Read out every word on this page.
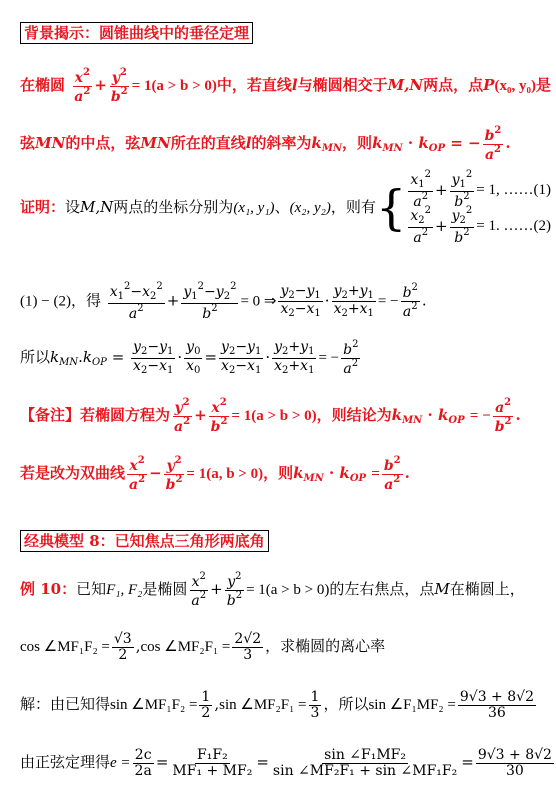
背景揭示：圆锥曲线中的垂径定理
在椭圆 $\frac{x^2}{a^2} + \frac{y^2}{b^2} = 1(a > b > 0)$中，若直线l与椭圆相交于M,N两点，点P(x₀, y₀)是
弦MN的中点，弦MN所在的直线l的斜率为$k_{MN}$，则$k_{MN} \cdot k_{OP}$ = − $\frac{b^2}{a^2}$ .
证明：设M,N两点的坐标分别为(x₁, y₁)、(x₂, y₂)，则有{ $\frac{x_1^2}{a^2} + \frac{y_1^2}{b^2} = 1$, ……(1)
$\frac{x_2^2}{a^2} + \frac{y_2^2}{b^2} = 1$. ……(2)
(1) − (2)，得 $\frac{x_1^2-x_2^2}{a^2} + \frac{y_1^2-y_2^2}{b^2} = 0$ ⇒ $\frac{y_2-y_1}{x_2-x_1} \cdot \frac{y_2+y_1}{x_2+x_1}$ = − $\frac{b^2}{a^2}$ .
所以$k_{MN}.k_{OP} = \frac{y_2-y_1}{x_2-x_1} \cdot \frac{y_0}{x_0} = \frac{y_2-y_1}{x_2-x_1} \cdot \frac{y_2+y_1}{x_2+x_1}$ = − $\frac{b^2}{a^2}$
【备注】若椭圆方程为 $\frac{y^2}{a^2} + \frac{x^2}{b^2} = 1(a > b > 0)$，则结论为$k_{MN} \cdot k_{OP}$ = − $\frac{a^2}{b^2}$ .
若是改为双曲线 $\frac{x^2}{a^2} - \frac{y^2}{b^2} = 1(a$, b > 0)，则$k_{MN} \cdot k_{OP} = \frac{b^2}{a^2}$ .
经典模型 8：已知焦点三角形两底角
例 10：已知F₁, F₂是椭圆 $\frac{x^2}{a^2} + \frac{y^2}{b^2} = 1(a > b > 0)$的左右焦点，点M在椭圆上，
cos ∠MF₁F₂ = $\frac{√3}{2} ,\cos$ ∠MF₂F₁ = $\frac{2√2}{3}$ ，求椭圆的离心率
解：由已知得sin ∠MF₁F₂ = $\frac{1}{2} ,\sin$ ∠MF₂F₁ = $\frac{1}{3}$ ，所以sin ∠F₁MF₂ = $\frac{9√3 + 8√2}{36}$
由正弦定理得$e = \frac{2c}{2a} = \frac{\text{F₁F₂}}{\text{MF₁ + MF₂}} = \frac{\text{sin ∠F₁MF₂}}{\text{sin ∠MF₂F₁ + sin ∠MF₁F₂}} = \frac{9√3 + 8√2}{30}$
